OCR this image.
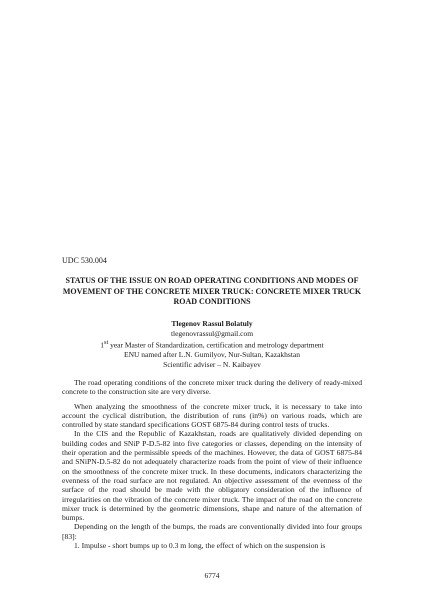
UDC 530.004
STATUS OF THE ISSUE ON ROAD OPERATING CONDITIONS AND MODES OF MOVEMENT OF THE CONCRETE MIXER TRUCK: CONCRETE MIXER TRUCK ROAD CONDITIONS
Tlegenov Rassul Bolatuly
tlegenovrassul@gmail.com
1st year Master of Standardization, certification and metrology department
ENU named after L.N. Gumilyov, Nur-Sultan, Kazakhstan
Scientific adviser – N. Kaibayev

The road operating conditions of the concrete mixer truck during the delivery of ready-mixed concrete to the construction site are very diverse.

When analyzing the smoothness of the concrete mixer truck, it is necessary to take into account the cyclical distribution, the distribution of runs (in%) on various roads, which are controlled by state standard specifications GOST 6875-84 during control tests of trucks.

In the CIS and the Republic of Kazakhstan, roads are qualitatively divided depending on building codes and SNiP P-D.5-82 into five categories or classes, depending on the intensity of their operation and the permissible speeds of the machines. However, the data of GOST 6875-84 and SNiPN-D.5-82 do not adequately characterize roads from the point of view of their influence on the smoothness of the concrete mixer truck. In these documents, indicators characterizing the evenness of the road surface are not regulated. An objective assessment of the evenness of the surface of the road should be made with the obligatory consideration of the influence of irregularities on the vibration of the concrete mixer truck. The impact of the road on the concrete mixer truck is determined by the geometric dimensions, shape and nature of the alternation of bumps.

Depending on the length of the bumps, the roads are conventionally divided into four groups [83]:

1. Impulse - short bumps up to 0.3 m long, the effect of which on the suspension is

6774
